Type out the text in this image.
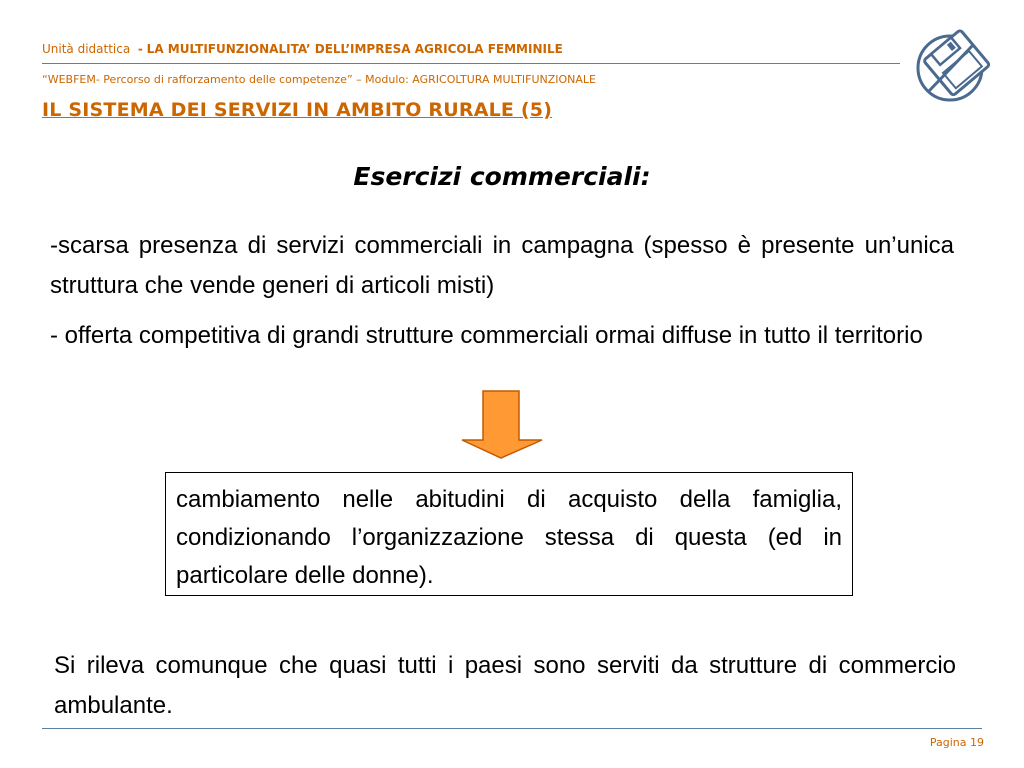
Unità didattica - LA MULTIFUNZIONALITA’ DELL’IMPRESA AGRICOLA FEMMINILE
“WEBFEM- Percorso di rafforzamento delle competenze” – Modulo: AGRICOLTURA MULTIFUNZIONALE
IL SISTEMA DEI SERVIZI IN AMBITO RURALE (5)
Esercizi commerciali:
-scarsa presenza di servizi commerciali in campagna (spesso è presente un’unica struttura che vende generi di articoli misti)
- offerta competitiva di grandi strutture commerciali ormai diffuse in tutto il territorio
cambiamento nelle abitudini di acquisto della famiglia, condizionando l’organizzazione stessa di questa (ed in particolare delle donne).
Si rileva comunque che quasi tutti i paesi sono serviti da strutture di commercio ambulante.
Pagina 19
